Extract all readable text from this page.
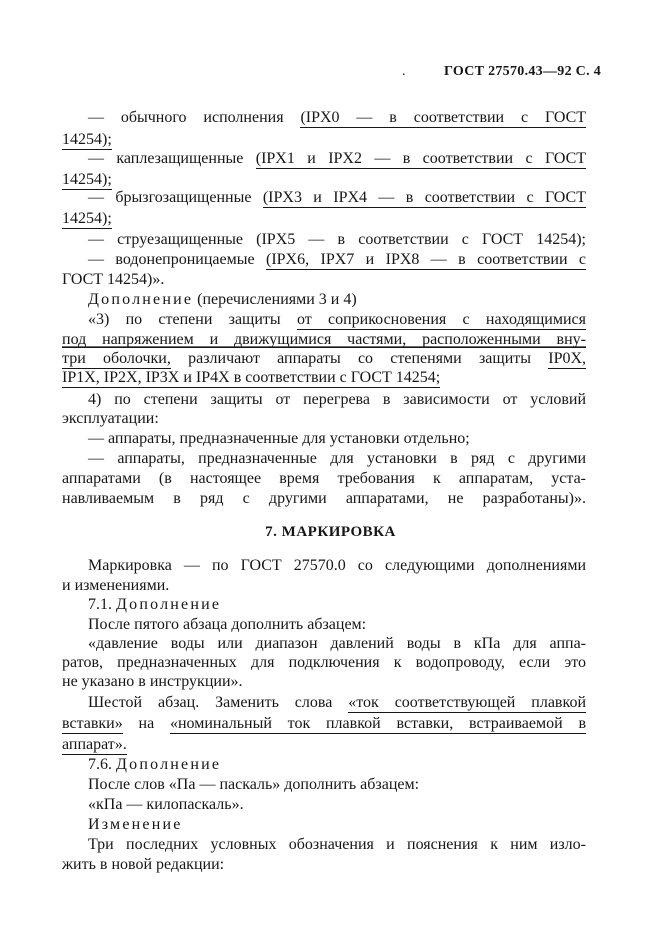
.	ГОСТ 27570.43—92 С. 4
— обычного исполнения (IPX0 — в соответствии с ГОСТ
14254);
— каплезащищенные (IPX1 и IPX2 — в соответствии с ГОСТ
14254);
— брызгозащищенные (IPX3 и IPX4 — в соответствии с ГОСТ
14254);
— струезащищенные (IPX5 — в соответствии с ГОСТ 14254);
— водонепроницаемые (IPX6, IPX7 и IPX8 — в соответствии с
ГОСТ 14254)».
Дополнение (перечислениями 3 и 4)
«3) по степени защиты от соприкосновения с находящимися
под напряжением и движущимися частями, расположенными вну-
три оболочки, различают аппараты со степенями защиты IP0X,
IP1X, IP2X, IP3X и IP4X в соответствии с ГОСТ 14254;
4) по степени защиты от перегрева в зависимости от условий
эксплуатации:
— аппараты, предназначенные для установки отдельно;
— аппараты, предназначенные для установки в ряд с другими
аппаратами (в настоящее время требования к аппаратам, уста-
навливаемым в ряд с другими аппаратами, не разработаны)».
7. МАРКИРОВКА
Маркировка — по ГОСТ 27570.0 со следующими дополнениями
и изменениями.
7.1. Дополнение
После пятого абзаца дополнить абзацем:
«давление воды или диапазон давлений воды в кПа для аппа-
ратов, предназначенных для подключения к водопроводу, если это
не указано в инструкции».
Шестой абзац. Заменить слова «ток соответствующей плавкой
вставки» на «номинальный ток плавкой вставки, встраиваемой в
аппарат».
7.6. Дополнение
После слов «Па — паскаль» дополнить абзацем:
«кПа — килопаскаль».
Изменение
Три последних условных обозначения и пояснения к ним изло-
жить в новой редакции:
